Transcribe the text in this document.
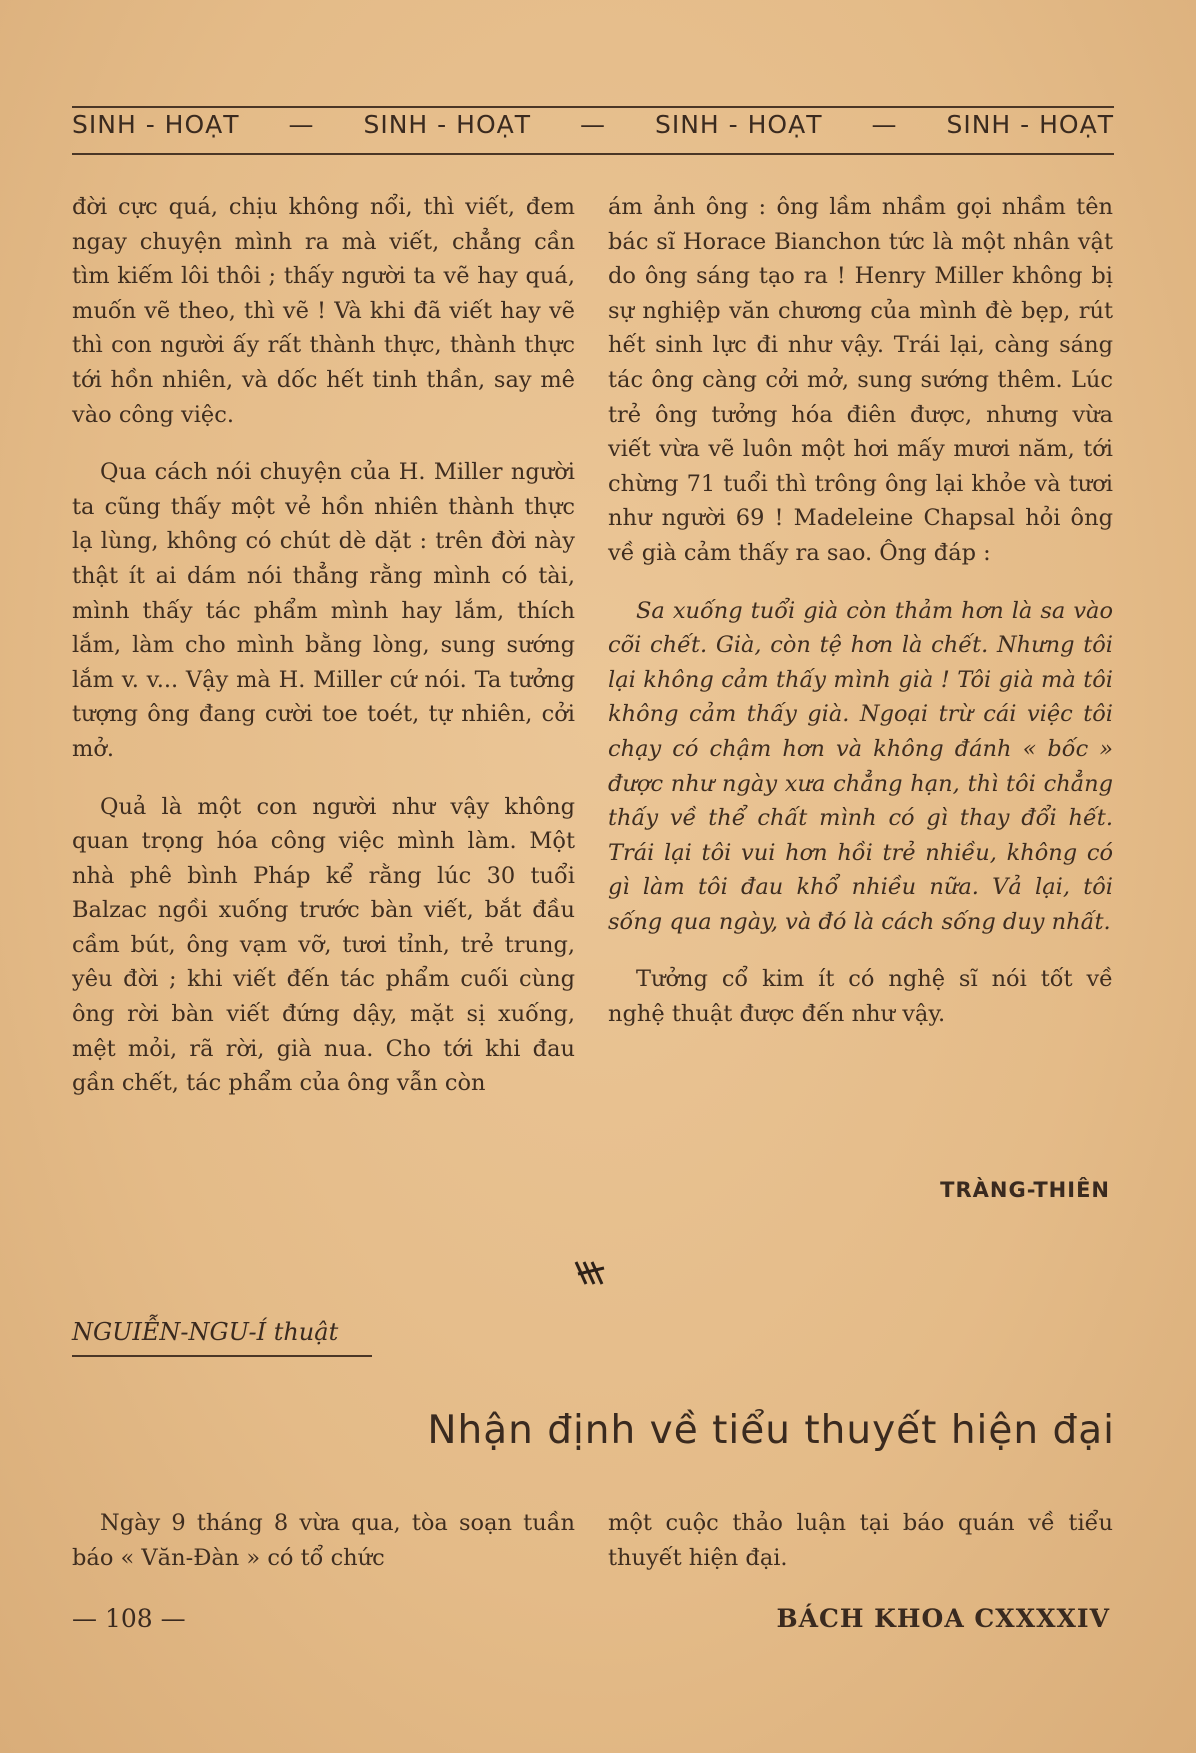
SINH - HOẠT — SINH - HOẠT — SINH - HOẠT — SINH - HOẠT

đời cực quá, chịu không nổi, thì viết, đem ngay chuyện mình ra mà viết, chẳng cần tìm kiếm lôi thôi ; thấy người ta vẽ hay quá, muốn vẽ theo, thì vẽ ! Và khi đã viết hay vẽ thì con người ấy rất thành thực, thành thực tới hồn nhiên, và dốc hết tinh thần, say mê vào công việc.

Qua cách nói chuyện của H. Miller người ta cũng thấy một vẻ hồn nhiên thành thực lạ lùng, không có chút dè dặt : trên đời này thật ít ai dám nói thẳng rằng mình có tài, mình thấy tác phẩm mình hay lắm, thích lắm, làm cho mình bằng lòng, sung sướng lắm v. v... Vậy mà H. Miller cứ nói. Ta tưởng tượng ông đang cười toe toét, tự nhiên, cởi mở.

Quả là một con người như vậy không quan trọng hóa công việc mình làm. Một nhà phê bình Pháp kể rằng lúc 30 tuổi Balzac ngồi xuống trước bàn viết, bắt đầu cầm bút, ông vạm vỡ, tươi tỉnh, trẻ trung, yêu đời ; khi viết đến tác phẩm cuối cùng ông rời bàn viết đứng dậy, mặt sị xuống, mệt mỏi, rã rời, già nua. Cho tới khi đau gần chết, tác phẩm của ông vẫn còn

ám ảnh ông : ông lầm nhầm gọi nhầm tên bác sĩ Horace Bianchon tức là một nhân vật do ông sáng tạo ra ! Henry Miller không bị sự nghiệp văn chương của mình đè bẹp, rút hết sinh lực đi như vậy. Trái lại, càng sáng tác ông càng cởi mở, sung sướng thêm. Lúc trẻ ông tưởng hóa điên được, nhưng vừa viết vừa vẽ luôn một hơi mấy mươi năm, tới chừng 71 tuổi thì trông ông lại khỏe và tươi như người 69 ! Madeleine Chapsal hỏi ông về già cảm thấy ra sao. Ông đáp :

Sa xuống tuổi già còn thảm hơn là sa vào cõi chết. Già, còn tệ hơn là chết. Nhưng tôi lại không cảm thấy mình già ! Tôi già mà tôi không cảm thấy già. Ngoại trừ cái việc tôi chạy có chậm hơn và không đánh « bốc » được như ngày xưa chẳng hạn, thì tôi chẳng thấy về thể chất mình có gì thay đổi hết. Trái lại tôi vui hơn hồi trẻ nhiều, không có gì làm tôi đau khổ nhiều nữa. Vả lại, tôi sống qua ngày, và đó là cách sống duy nhất.

Tưởng cổ kim ít có nghệ sĩ nói tốt về nghệ thuật được đến như vậy.

TRÀNG-THIÊN
NGUIỄN-NGU-Í thuật
Nhận định về tiểu thuyết hiện đại

Ngày 9 tháng 8 vừa qua, tòa soạn tuần báo « Văn-Đàn » có tổ chức

một cuộc thảo luận tại báo quán về tiểu thuyết hiện đại.

— 108 —	BÁCH KHOA CXXXXIV
